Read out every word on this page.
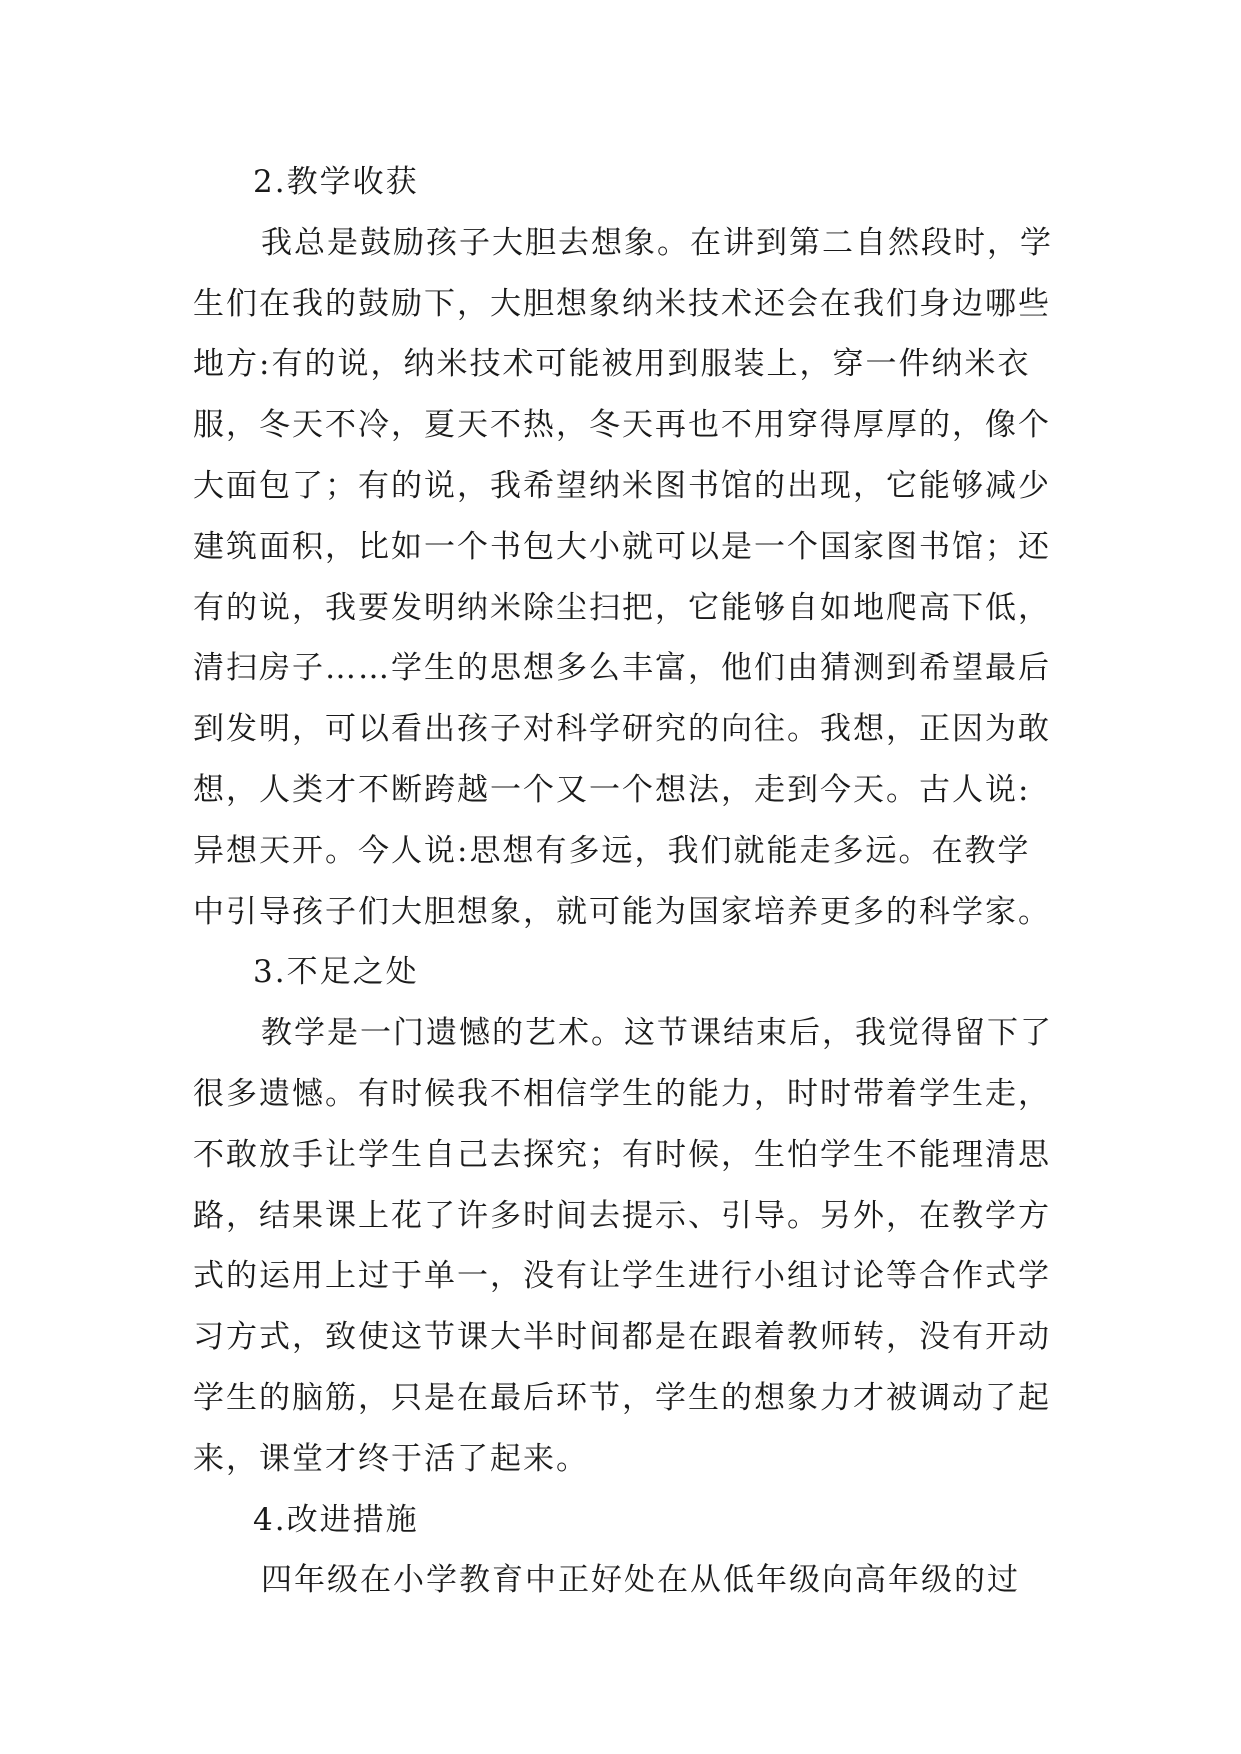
2.教学收获
我总是鼓励孩子大胆去想象。在讲到第二自然段时，学
生们在我的鼓励下，大胆想象纳米技术还会在我们身边哪些
地方:有的说，纳米技术可能被用到服装上，穿一件纳米衣
服，冬天不冷，夏天不热，冬天再也不用穿得厚厚的，像个
大面包了；有的说，我希望纳米图书馆的出现，它能够减少
建筑面积，比如一个书包大小就可以是一个国家图书馆；还
有的说，我要发明纳米除尘扫把，它能够自如地爬高下低，
清扫房子……学生的思想多么丰富，他们由猜测到希望最后
到发明，可以看出孩子对科学研究的向往。我想，正因为敢
想，人类才不断跨越一个又一个想法，走到今天。古人说:
异想天开。今人说:思想有多远，我们就能走多远。在教学
中引导孩子们大胆想象，就可能为国家培养更多的科学家。
3.不足之处
教学是一门遗憾的艺术。这节课结束后，我觉得留下了
很多遗憾。有时候我不相信学生的能力，时时带着学生走，
不敢放手让学生自己去探究；有时候，生怕学生不能理清思
路，结果课上花了许多时间去提示、引导。另外，在教学方
式的运用上过于单一，没有让学生进行小组讨论等合作式学
习方式，致使这节课大半时间都是在跟着教师转，没有开动
学生的脑筋，只是在最后环节，学生的想象力才被调动了起
来，课堂才终于活了起来。
4.改进措施
四年级在小学教育中正好处在从低年级向高年级的过
